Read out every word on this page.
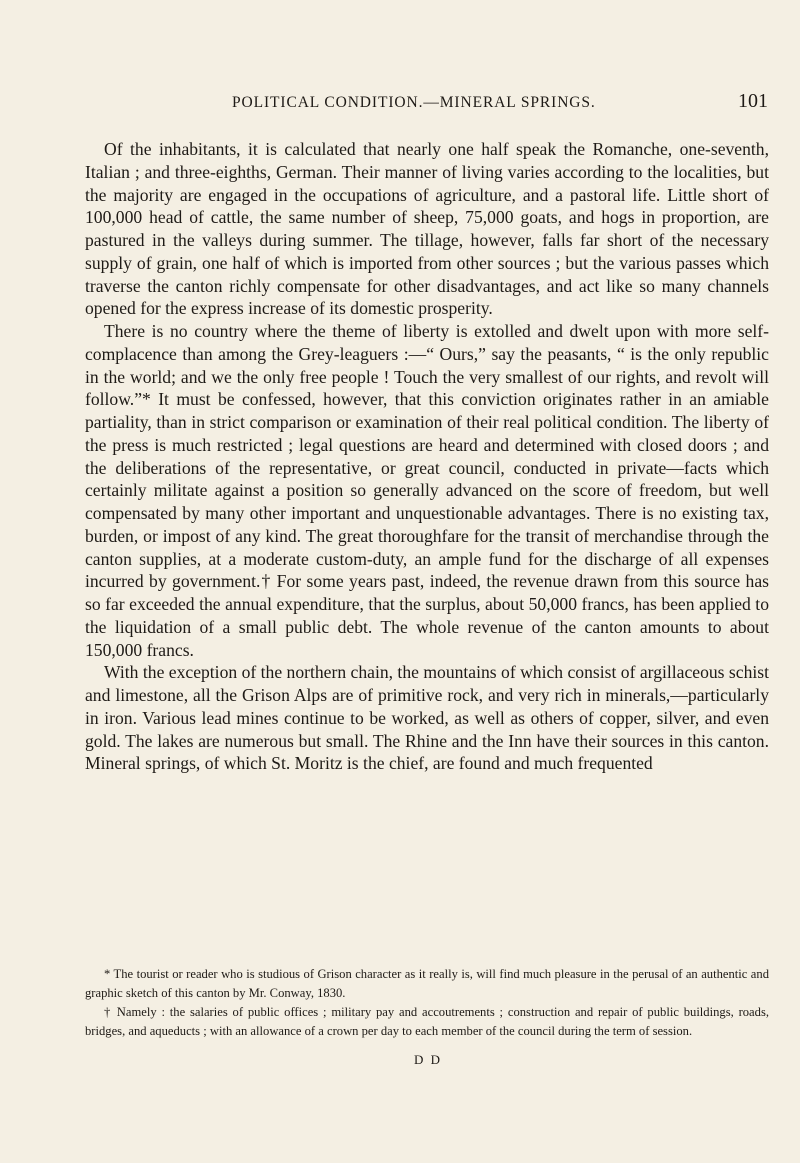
POLITICAL CONDITION.—MINERAL SPRINGS.	101

Of the inhabitants, it is calculated that nearly one half speak the Romanche, one-seventh, Italian ; and three-eighths, German. Their manner of living varies according to the localities, but the majority are engaged in the occupations of agriculture, and a pastoral life. Little short of 100,000 head of cattle, the same number of sheep, 75,000 goats, and hogs in proportion, are pastured in the valleys during summer. The tillage, however, falls far short of the necessary supply of grain, one half of which is imported from other sources ; but the various passes which traverse the canton richly compensate for other disadvantages, and act like so many channels opened for the express increase of its domestic prosperity.

There is no country where the theme of liberty is extolled and dwelt upon with more self-complacence than among the Grey-leaguers :—“ Ours,” say the peasants, “ is the only republic in the world; and we the only free people ! Touch the very smallest of our rights, and revolt will follow.”* It must be confessed, however, that this conviction originates rather in an amiable partiality, than in strict comparison or examination of their real political condition. The liberty of the press is much restricted ; legal questions are heard and determined with closed doors ; and the deliberations of the representative, or great council, conducted in private—facts which certainly militate against a position so generally advanced on the score of freedom, but well compensated by many other important and unquestionable advantages. There is no existing tax, burden, or impost of any kind. The great thoroughfare for the transit of merchandise through the canton supplies, at a moderate custom-duty, an ample fund for the discharge of all expenses incurred by government.† For some years past, indeed, the revenue drawn from this source has so far exceeded the annual expenditure, that the surplus, about 50,000 francs, has been applied to the liquidation of a small public debt. The whole revenue of the canton amounts to about 150,000 francs.

With the exception of the northern chain, the mountains of which consist of argillaceous schist and limestone, all the Grison Alps are of primitive rock, and very rich in minerals,—particularly in iron. Various lead mines continue to be worked, as well as others of copper, silver, and even gold. The lakes are numerous but small. The Rhine and the Inn have their sources in this canton. Mineral springs, of which St. Moritz is the chief, are found and much frequented

* The tourist or reader who is studious of Grison character as it really is, will find much pleasure in the perusal of an authentic and graphic sketch of this canton by Mr. Conway, 1830.

† Namely : the salaries of public offices ; military pay and accoutrements ; construction and repair of public buildings, roads, bridges, and aqueducts ; with an allowance of a crown per day to each member of the council during the term of session.

D D
